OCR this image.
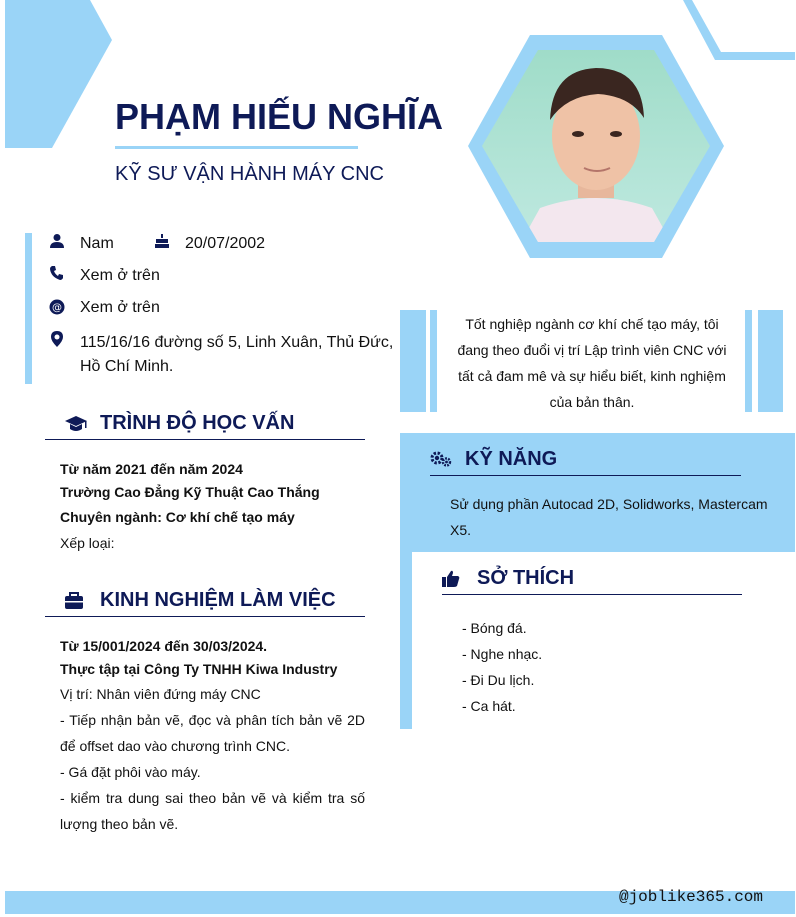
PHẠM HIẾU NGHĨA
KỸ SƯ VẬN HÀNH MÁY CNC
Nam	20/07/2002
Xem ở trên
@ Xem ở trên
115/16/16 đường số 5, Linh Xuân, Thủ Đức, Hồ Chí Minh.
TRÌNH ĐỘ HỌC VẤN
Từ năm 2021 đến năm 2024
Trường Cao Đẳng Kỹ Thuật Cao Thắng
Chuyên ngành: Cơ khí chế tạo máy
Xếp loại:
KINH NGHIỆM LÀM VIỆC
Từ 15/001/2024 đến 30/03/2024.
Thực tập tại Công Ty TNHH Kiwa Industry
Vị trí: Nhân viên đứng máy CNC
- Tiếp nhận bản vẽ, đọc và phân tích bản vẽ 2D để offset dao vào chương trình CNC.
- Gá đặt phôi vào máy.
- kiểm tra dung sai theo bản vẽ và kiểm tra số lượng theo bản vẽ.
Tốt nghiệp ngành cơ khí chế tạo máy, tôi đang theo đuổi vị trí Lập trình viên CNC với tất cả đam mê và sự hiểu biết, kinh nghiệm của bản thân.
KỸ NĂNG
Sử dụng phần Autocad 2D, Solidworks, Mastercam X5.
SỞ THÍCH
- Bóng đá.
- Nghe nhạc.
- Đi Du lịch.
- Ca hát.
@joblike365.com
